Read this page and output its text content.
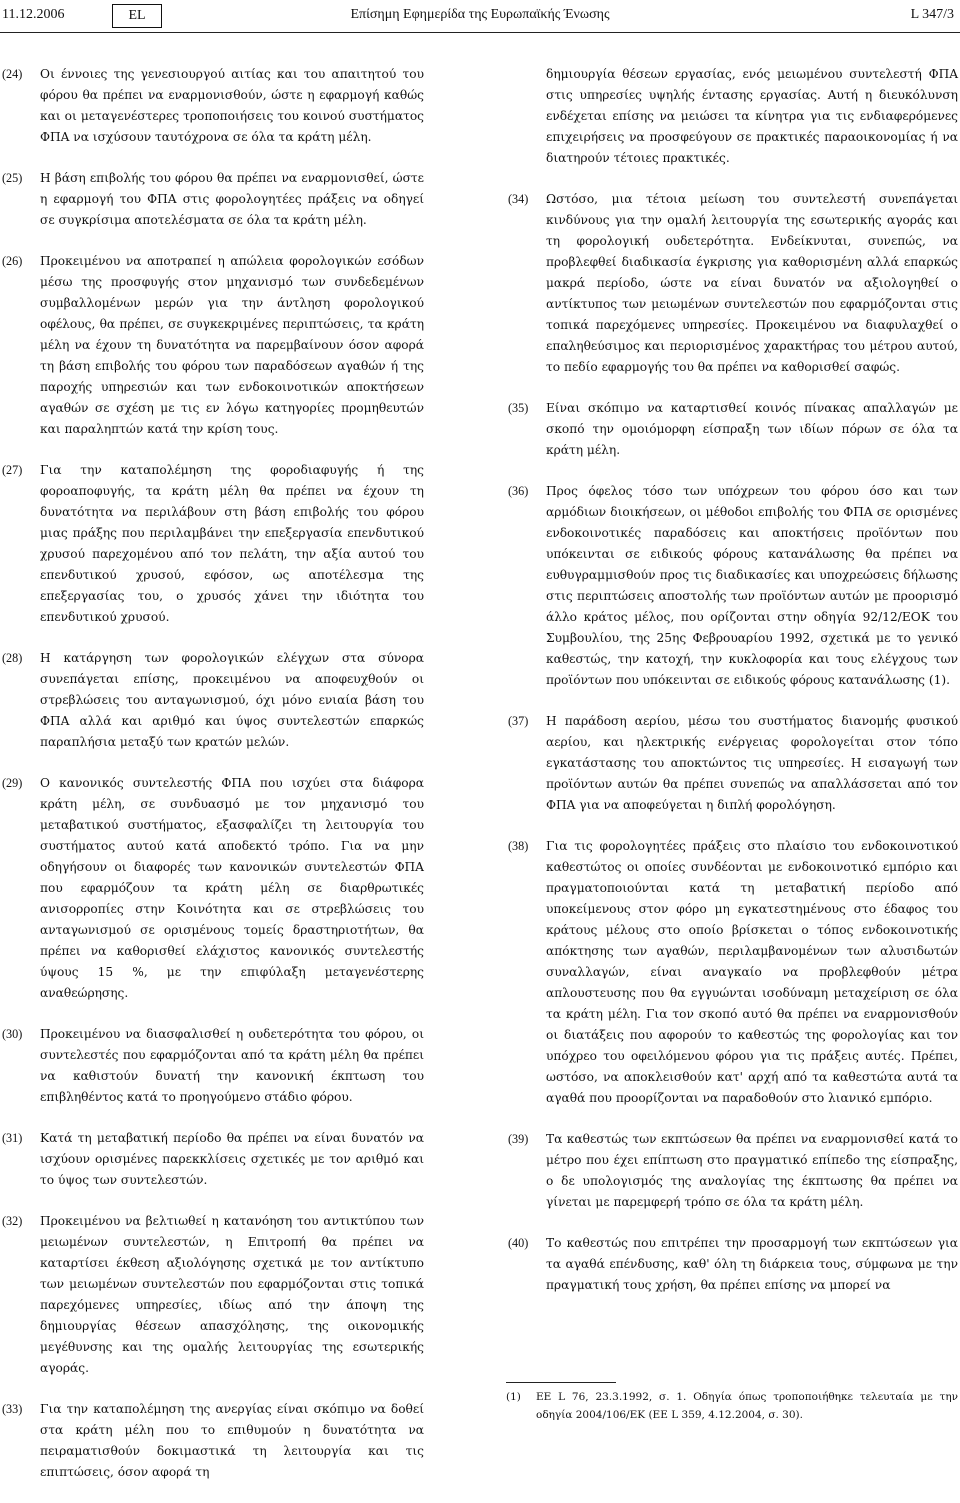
11.12.2006	EL	Επίσημη Εφημερίδα της Ευρωπαϊκής Ένωσης	L 347/3
(24)	Οι έννοιες της γενεσιουργού αιτίας και του απαιτητού του φόρου θα πρέπει να εναρμονισθούν, ώστε η εφαρμογή καθώς και οι μεταγενέστερες τροποποιήσεις του κοινού συστήματος ΦΠΑ να ισχύσουν ταυτόχρονα σε όλα τα κράτη μέλη.
(25)	Η βάση επιβολής του φόρου θα πρέπει να εναρμονισθεί, ώστε η εφαρμογή του ΦΠΑ στις φορολογητέες πράξεις να οδηγεί σε συγκρίσιμα αποτελέσματα σε όλα τα κράτη μέλη.
(26)	Προκειμένου να αποτραπεί η απώλεια φορολογικών εσόδων μέσω της προσφυγής στον μηχανισμό των συνδεδεμένων συμβαλλομένων μερών για την άντληση φορολογικού οφέλους, θα πρέπει, σε συγκεκριμένες περιπτώσεις, τα κράτη μέλη να έχουν τη δυνατότητα να παρεμβαίνουν όσον αφορά τη βάση επιβολής του φόρου των παραδόσεων αγαθών ή της παροχής υπηρεσιών και των ενδοκοινοτικών αποκτήσεων αγαθών σε σχέση με τις εν λόγω κατηγορίες προμηθευτών και παραληπτών κατά την κρίση τους.
(27)	Για την καταπολέμηση της φοροδιαφυγής ή της φοροαποφυγής, τα κράτη μέλη θα πρέπει να έχουν τη δυνατότητα να περιλάβουν στη βάση επιβολής του φόρου μιας πράξης που περιλαμβάνει την επεξεργασία επενδυτικού χρυσού παρεχομένου από τον πελάτη, την αξία αυτού του επενδυτικού χρυσού, εφόσον, ως αποτέλεσμα της επεξεργασίας του, ο χρυσός χάνει την ιδιότητα του επενδυτικού χρυσού.
(28)	Η κατάργηση των φορολογικών ελέγχων στα σύνορα συνεπάγεται επίσης, προκειμένου να αποφευχθούν οι στρεβλώσεις του ανταγωνισμού, όχι μόνο ενιαία βάση του ΦΠΑ αλλά και αριθμό και ύψος συντελεστών επαρκώς παραπλήσια μεταξύ των κρατών μελών.
(29)	Ο κανονικός συντελεστής ΦΠΑ που ισχύει στα διάφορα κράτη μέλη, σε συνδυασμό με τον μηχανισμό του μεταβατικού συστήματος, εξασφαλίζει τη λειτουργία του συστήματος αυτού κατά αποδεκτό τρόπο. Για να μην οδηγήσουν οι διαφορές των κανονικών συντελεστών ΦΠΑ που εφαρμόζουν τα κράτη μέλη σε διαρθρωτικές ανισορροπίες στην Κοινότητα και σε στρεβλώσεις του ανταγωνισμού σε ορισμένους τομείς δραστηριοτήτων, θα πρέπει να καθορισθεί ελάχιστος κανονικός συντελεστής ύψους 15 %, με την επιφύλαξη μεταγενέστερης αναθεώρησης.
(30)	Προκειμένου να διασφαλισθεί η ουδετερότητα του φόρου, οι συντελεστές που εφαρμόζονται από τα κράτη μέλη θα πρέπει να καθιστούν δυνατή την κανονική έκπτωση του επιβληθέντος κατά το προηγούμενο στάδιο φόρου.
(31)	Κατά τη μεταβατική περίοδο θα πρέπει να είναι δυνατόν να ισχύουν ορισμένες παρεκκλίσεις σχετικές με τον αριθμό και το ύψος των συντελεστών.
(32)	Προκειμένου να βελτιωθεί η κατανόηση του αντικτύπου των μειωμένων συντελεστών, η Επιτροπή θα πρέπει να καταρτίσει έκθεση αξιολόγησης σχετικά με τον αντίκτυπο των μειωμένων συντελεστών που εφαρμόζονται στις τοπικά παρεχόμενες υπηρεσίες, ιδίως από την άποψη της δημιουργίας θέσεων απασχόλησης, της οικονομικής μεγέθυνσης και της ομαλής λειτουργίας της εσωτερικής αγοράς.
(33)	Για την καταπολέμηση της ανεργίας είναι σκόπιμο να δοθεί στα κράτη μέλη που το επιθυμούν η δυνατότητα να πειραματισθούν δοκιμαστικά τη λειτουργία και τις επιπτώσεις, όσον αφορά τη
δημιουργία θέσεων εργασίας, ενός μειωμένου συντελεστή ΦΠΑ στις υπηρεσίες υψηλής έντασης εργασίας. Αυτή η διευκόλυνση ενδέχεται επίσης να μειώσει τα κίνητρα για τις ενδιαφερόμενες επιχειρήσεις να προσφεύγουν σε πρακτικές παραοικονομίας ή να διατηρούν τέτοιες πρακτικές.
(34)	Ωστόσο, μια τέτοια μείωση του συντελεστή συνεπάγεται κινδύνους για την ομαλή λειτουργία της εσωτερικής αγοράς και τη φορολογική ουδετερότητα. Ενδείκνυται, συνεπώς, να προβλεφθεί διαδικασία έγκρισης για καθορισμένη αλλά επαρκώς μακρά περίοδο, ώστε να είναι δυνατόν να αξιολογηθεί ο αντίκτυπος των μειωμένων συντελεστών που εφαρμόζονται στις τοπικά παρεχόμενες υπηρεσίες. Προκειμένου να διαφυλαχθεί ο επαληθεύσιμος και περιορισμένος χαρακτήρας του μέτρου αυτού, το πεδίο εφαρμογής του θα πρέπει να καθορισθεί σαφώς.
(35)	Είναι σκόπιμο να καταρτισθεί κοινός πίνακας απαλλαγών με σκοπό την ομοιόμορφη είσπραξη των ιδίων πόρων σε όλα τα κράτη μέλη.
(36)	Προς όφελος τόσο των υπόχρεων του φόρου όσο και των αρμόδιων διοικήσεων, οι μέθοδοι επιβολής του ΦΠΑ σε ορισμένες ενδοκοινοτικές παραδόσεις και αποκτήσεις προϊόντων που υπόκεινται σε ειδικούς φόρους κατανάλωσης θα πρέπει να ευθυγραμμισθούν προς τις διαδικασίες και υποχρεώσεις δήλωσης στις περιπτώσεις αποστολής των προϊόντων αυτών με προορισμό άλλο κράτος μέλος, που ορίζονται στην οδηγία 92/12/ΕΟΚ του Συμβουλίου, της 25ης Φεβρουαρίου 1992, σχετικά με το γενικό καθεστώς, την κατοχή, την κυκλοφορία και τους ελέγχους των προϊόντων που υπόκεινται σε ειδικούς φόρους κατανάλωσης (1).
(37)	Η παράδοση αερίου, μέσω του συστήματος διανομής φυσικού αερίου, και ηλεκτρικής ενέργειας φορολογείται στον τόπο εγκατάστασης του αποκτώντος τις υπηρεσίες. Η εισαγωγή των προϊόντων αυτών θα πρέπει συνεπώς να απαλλάσσεται από τον ΦΠΑ για να αποφεύγεται η διπλή φορολόγηση.
(38)	Για τις φορολογητέες πράξεις στο πλαίσιο του ενδοκοινοτικού καθεστώτος οι οποίες συνδέονται με ενδοκοινοτικό εμπόριο και πραγματοποιούνται κατά τη μεταβατική περίοδο από υποκείμενους στον φόρο μη εγκατεστημένους στο έδαφος του κράτους μέλους στο οποίο βρίσκεται ο τόπος ενδοκοινοτικής απόκτησης των αγαθών, περιλαμβανομένων των αλυσιδωτών συναλλαγών, είναι αναγκαίο να προβλεφθούν μέτρα απλουστευσης που θα εγγυώνται ισοδύναμη μεταχείριση σε όλα τα κράτη μέλη. Για τον σκοπό αυτό θα πρέπει να εναρμονισθούν οι διατάξεις που αφορούν το καθεστώς της φορολογίας και τον υπόχρεο του οφειλόμενου φόρου για τις πράξεις αυτές. Πρέπει, ωστόσο, να αποκλεισθούν κατ' αρχή από τα καθεστώτα αυτά τα αγαθά που προορίζονται να παραδοθούν στο λιανικό εμπόριο.
(39)	Τα καθεστώς των εκπτώσεων θα πρέπει να εναρμονισθεί κατά το μέτρο που έχει επίπτωση στο πραγματικό επίπεδο της είσπραξης, ο δε υπολογισμός της αναλογίας της έκπτωσης θα πρέπει να γίνεται με παρεμφερή τρόπο σε όλα τα κράτη μέλη.
(40)	Το καθεστώς που επιτρέπει την προσαρμογή των εκπτώσεων για τα αγαθά επένδυσης, καθ' όλη τη διάρκεια τους, σύμφωνα με την πραγματική τους χρήση, θα πρέπει επίσης να μπορεί να
(1)	ΕΕ L 76, 23.3.1992, σ. 1. Οδηγία όπως τροποποιήθηκε τελευταία με την οδηγία 2004/106/ΕΚ (ΕΕ L 359, 4.12.2004, σ. 30).
